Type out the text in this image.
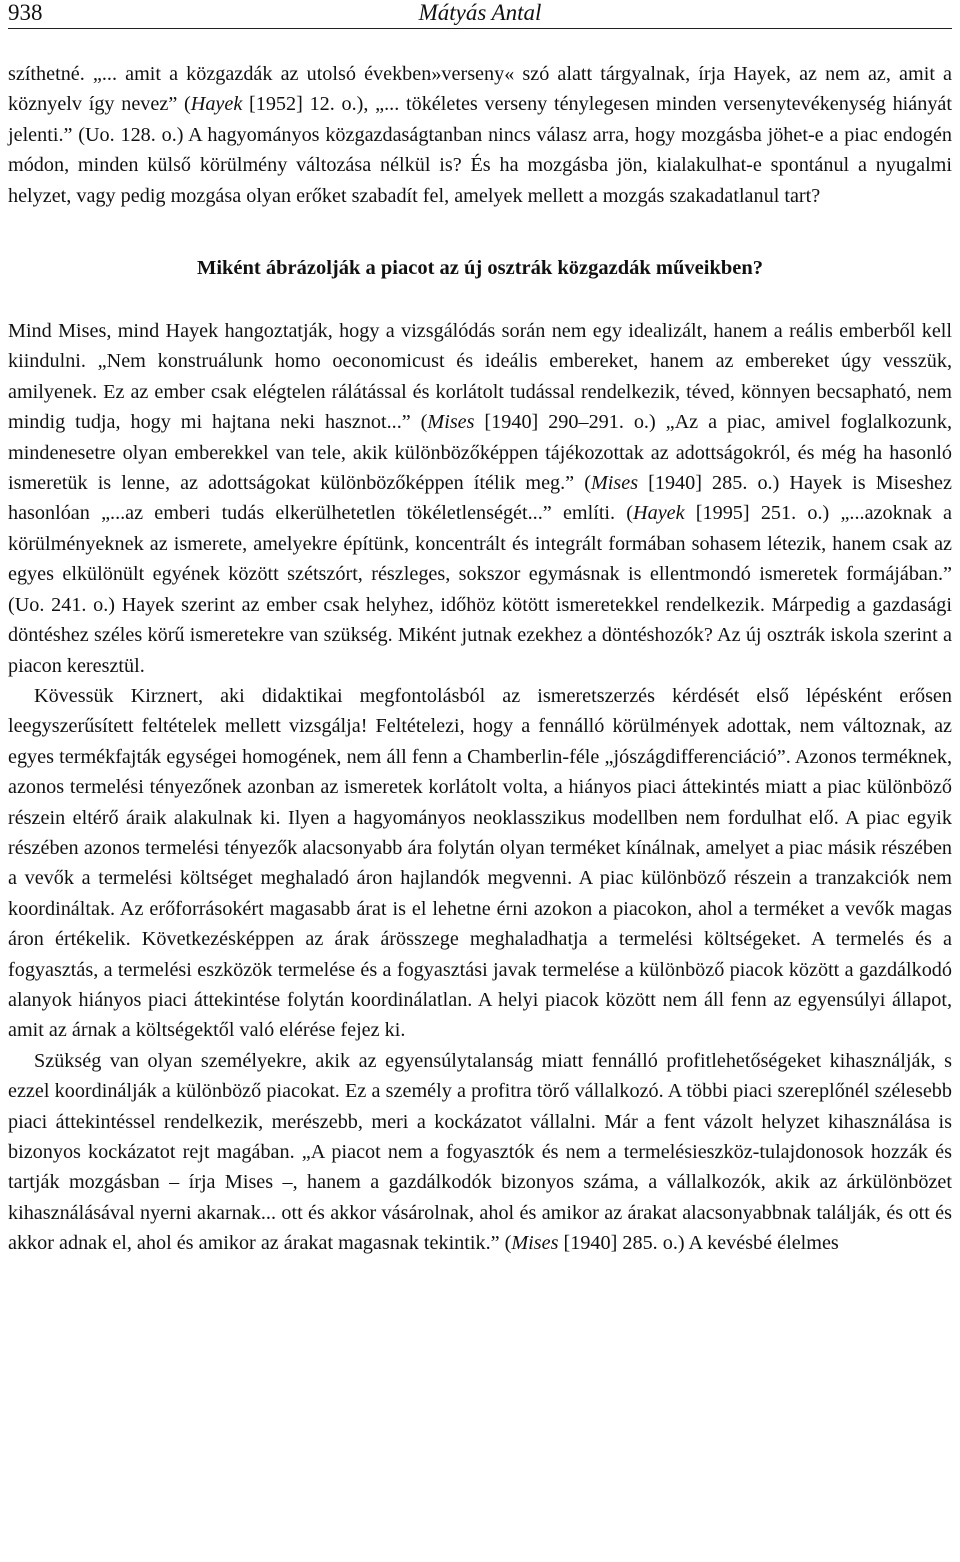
938	Mátyás Antal

szíthetné. „... amit a közgazdák az utolsó években»verseny« szó alatt tárgyalnak, írja Hayek, az nem az, amit a köznyelv így nevez” (Hayek [1952] 12. o.), „... tökéletes verseny ténylegesen minden versenytevékenység hiányát jelenti.” (Uo. 128. o.) A hagyományos közgazdaságtanban nincs válasz arra, hogy mozgásba jöhet-e a piac endogén módon, minden külső körülmény változása nélkül is? És ha mozgásba jön, kialakulhat-e spontánul a nyugalmi helyzet, vagy pedig mozgása olyan erőket szabadít fel, amelyek mellett a mozgás szakadatlanul tart?

Miként ábrázolják a piacot az új osztrák közgazdák műveikben?

Mind Mises, mind Hayek hangoztatják, hogy a vizsgálódás során nem egy idealizált, hanem a reális emberből kell kiindulni. „Nem konstruálunk homo oeconomicust és ideális embereket, hanem az embereket úgy vesszük, amilyenek. Ez az ember csak elégtelen rálátással és korlátolt tudással rendelkezik, téved, könnyen becsapható, nem mindig tudja, hogy mi hajtana neki hasznot...” (Mises [1940] 290–291. o.) „Az a piac, amivel foglalkozunk, mindenesetre olyan emberekkel van tele, akik különbözőképpen tájékozottak az adottságokról, és még ha hasonló ismeretük is lenne, az adottságokat különbözőképpen ítélik meg.” (Mises [1940] 285. o.) Hayek is Miseshez hasonlóan „...az emberi tudás elkerülhetetlen tökéletlenségét...” említi. (Hayek [1995] 251. o.) „...azoknak a körülményeknek az ismerete, amelyekre építünk, koncentrált és integrált formában sohasem létezik, hanem csak az egyes elkülönült egyének között szétszórt, részleges, sokszor egymásnak is ellentmondó ismeretek formájában.” (Uo. 241. o.) Hayek szerint az ember csak helyhez, időhöz kötött ismeretekkel rendelkezik. Márpedig a gazdasági döntéshez széles körű ismeretekre van szükség. Miként jutnak ezekhez a döntéshozók? Az új osztrák iskola szerint a piacon keresztül.

Kövessük Kirznert, aki didaktikai megfontolásból az ismeretszerzés kérdését első lépésként erősen leegyszerűsített feltételek mellett vizsgálja! Feltételezi, hogy a fennálló körülmények adottak, nem változnak, az egyes termékfajták egységei homogének, nem áll fenn a Chamberlin-féle „jószágdifferenciáció”. Azonos terméknek, azonos termelési tényezőnek azonban az ismeretek korlátolt volta, a hiányos piaci áttekintés miatt a piac különböző részein eltérő áraik alakulnak ki. Ilyen a hagyományos neoklasszikus modellben nem fordulhat elő. A piac egyik részében azonos termelési tényezők alacsonyabb ára folytán olyan terméket kínálnak, amelyet a piac másik részében a vevők a termelési költséget meghaladó áron hajlandók megvenni. A piac különböző részein a tranzakciók nem koordináltak. Az erőforrásokért magasabb árat is el lehetne érni azokon a piacokon, ahol a terméket a vevők magas áron értékelik. Következésképpen az árak árösszege meghaladhatja a termelési költségeket. A termelés és a fogyasztás, a termelési eszközök termelése és a fogyasztási javak termelése a különböző piacok között a gazdálkodó alanyok hiányos piaci áttekintése folytán koordinálatlan. A helyi piacok között nem áll fenn az egyensúlyi állapot, amit az árnak a költségektől való elérése fejez ki.

Szükség van olyan személyekre, akik az egyensúlytalanság miatt fennálló profitlehetőségeket kihasználják, s ezzel koordinálják a különböző piacokat. Ez a személy a profitra törő vállalkozó. A többi piaci szereplőnél szélesebb piaci áttekintéssel rendelkezik, merészebb, meri a kockázatot vállalni. Már a fent vázolt helyzet kihasználása is bizonyos kockázatot rejt magában. „A piacot nem a fogyasztók és nem a termelésieszköz-tulajdonosok hozzák és tartják mozgásban – írja Mises –, hanem a gazdálkodók bizonyos száma, a vállalkozók, akik az árkülönbözet kihasználásával nyerni akarnak... ott és akkor vásárolnak, ahol és amikor az árakat alacsonyabbnak találják, és ott és akkor adnak el, ahol és amikor az árakat magasnak tekintik.” (Mises [1940] 285. o.) A kevésbé élelmes
